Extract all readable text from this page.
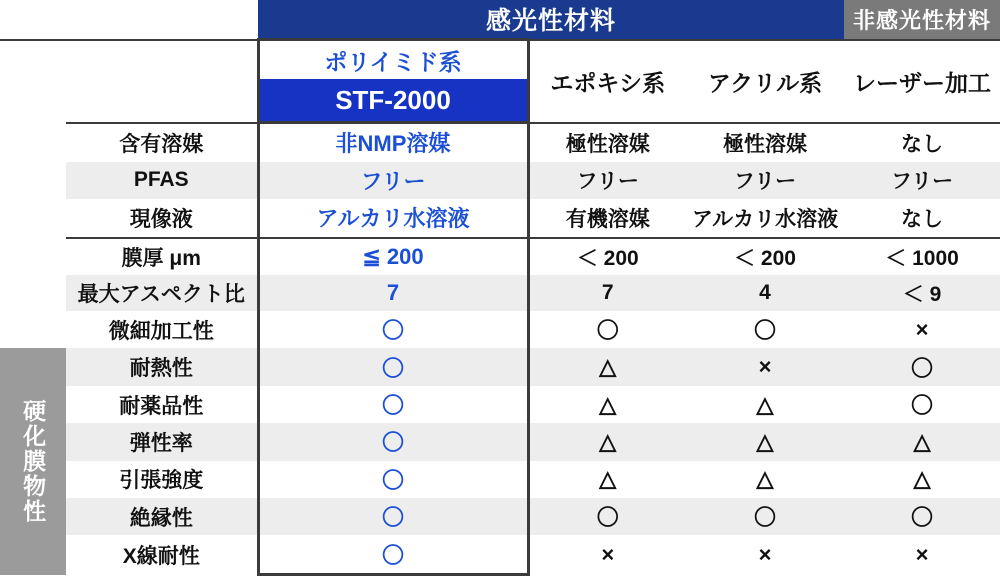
		感光性材料			非感光性材料
		ポリイミド系	エポキシ系	アクリル系	レーザー加工
		STF-2000			

環境
対応	含有溶媒	非NMP溶媒	極性溶媒	極性溶媒	なし
	PFAS	フリー	フリー	フリー	フリー
	現像液	アルカリ水溶液	有機溶媒	アルカリ水溶液	なし

加工性	膜厚 μm	≦ 200	＜ 200	＜ 200	＜ 1000
	最大アスペクト比	7	7	4	＜ 9
	微細加工性	〇	〇	〇	×

硬化膜物性	耐熱性	〇	△	×	〇
	耐薬品性	〇	△	△	〇
	弾性率	〇	△	△	△
	引張強度	〇	△	△	△
	絶縁性	〇	〇	〇	〇
	X線耐性	〇	×	×	×
